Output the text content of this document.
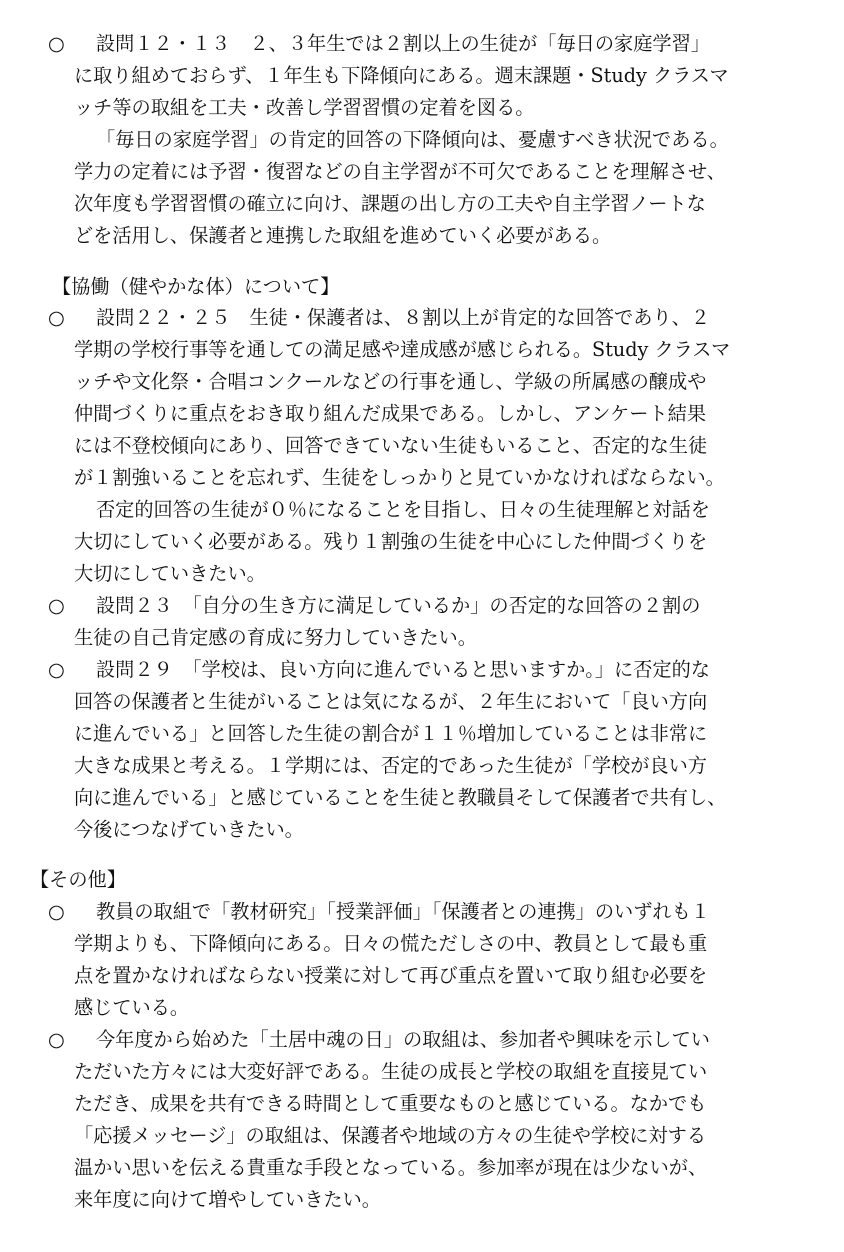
○ 設問１２・１３　２、３年生では２割以上の生徒が「毎日の家庭学習」
に取り組めておらず、１年生も下降傾向にある。週末課題・Study クラスマ
ッチ等の取組を工夫・改善し学習習慣の定着を図る。
「毎日の家庭学習」の肯定的回答の下降傾向は、憂慮すべき状況である。
学力の定着には予習・復習などの自主学習が不可欠であることを理解させ、
次年度も学習習慣の確立に向け、課題の出し方の工夫や自主学習ノートな
どを活用し、保護者と連携した取組を進めていく必要がある。
【協働（健やかな体）について】
○ 設問２２・２５　生徒・保護者は、８割以上が肯定的な回答であり、２
学期の学校行事等を通しての満足感や達成感が感じられる。Study クラスマ
ッチや文化祭・合唱コンクールなどの行事を通し、学級の所属感の醸成や
仲間づくりに重点をおき取り組んだ成果である。しかし、アンケート結果
には不登校傾向にあり、回答できていない生徒もいること、否定的な生徒
が１割強いることを忘れず、生徒をしっかりと見ていかなければならない。
否定的回答の生徒が０％になることを目指し、日々の生徒理解と対話を
大切にしていく必要がある。残り１割強の生徒を中心にした仲間づくりを
大切にしていきたい。
○ 設問２３　「自分の生き方に満足しているか」の否定的な回答の２割の
生徒の自己肯定感の育成に努力していきたい。
○ 設問２９　「学校は、良い方向に進んでいると思いますか。」に否定的な
回答の保護者と生徒がいることは気になるが、２年生において「良い方向
に進んでいる」と回答した生徒の割合が１１％増加していることは非常に
大きな成果と考える。１学期には、否定的であった生徒が「学校が良い方
向に進んでいる」と感じていることを生徒と教職員そして保護者で共有し、
今後につなげていきたい。
【その他】
○ 教員の取組で「教材研究」「授業評価」「保護者との連携」のいずれも１
学期よりも、下降傾向にある。日々の慌ただしさの中、教員として最も重
点を置かなければならない授業に対して再び重点を置いて取り組む必要を
感じている。
○ 今年度から始めた「土居中魂の日」の取組は、参加者や興味を示してい
ただいた方々には大変好評である。生徒の成長と学校の取組を直接見てい
ただき、成果を共有できる時間として重要なものと感じている。なかでも
「応援メッセージ」の取組は、保護者や地域の方々の生徒や学校に対する
温かい思いを伝える貴重な手段となっている。参加率が現在は少ないが、
来年度に向けて増やしていきたい。
